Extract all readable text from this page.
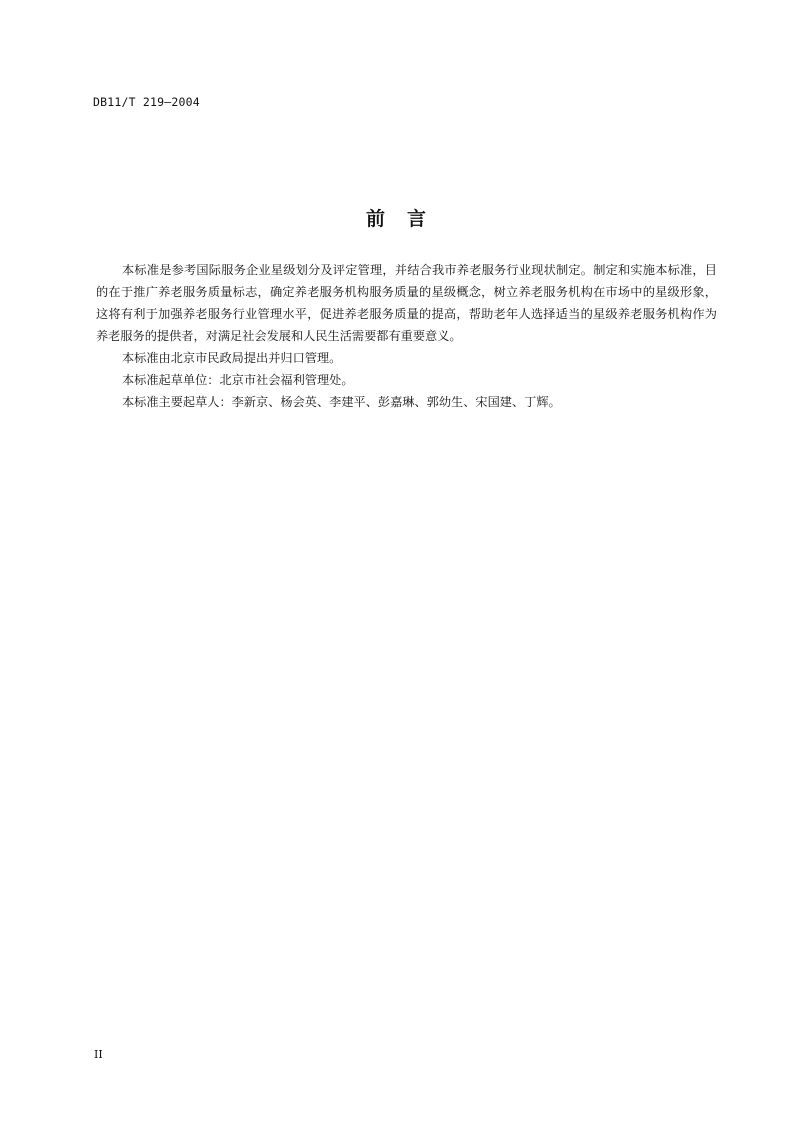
DB11/T 219—2004
前言

本标准是参考国际服务企业星级划分及评定管理，并结合我市养老服务行业现状制定。制定和实施本标准，目的在于推广养老服务质量标志，确定养老服务机构服务质量的星级概念，树立养老服务机构在市场中的星级形象，这将有利于加强养老服务行业管理水平，促进养老服务质量的提高，帮助老年人选择适当的星级养老服务机构作为养老服务的提供者，对满足社会发展和人民生活需要都有重要意义。

本标准由北京市民政局提出并归口管理。

本标准起草单位：北京市社会福利管理处。

本标准主要起草人：李新京、杨会英、李建平、彭嘉琳、郭幼生、宋国建、丁辉。

II
